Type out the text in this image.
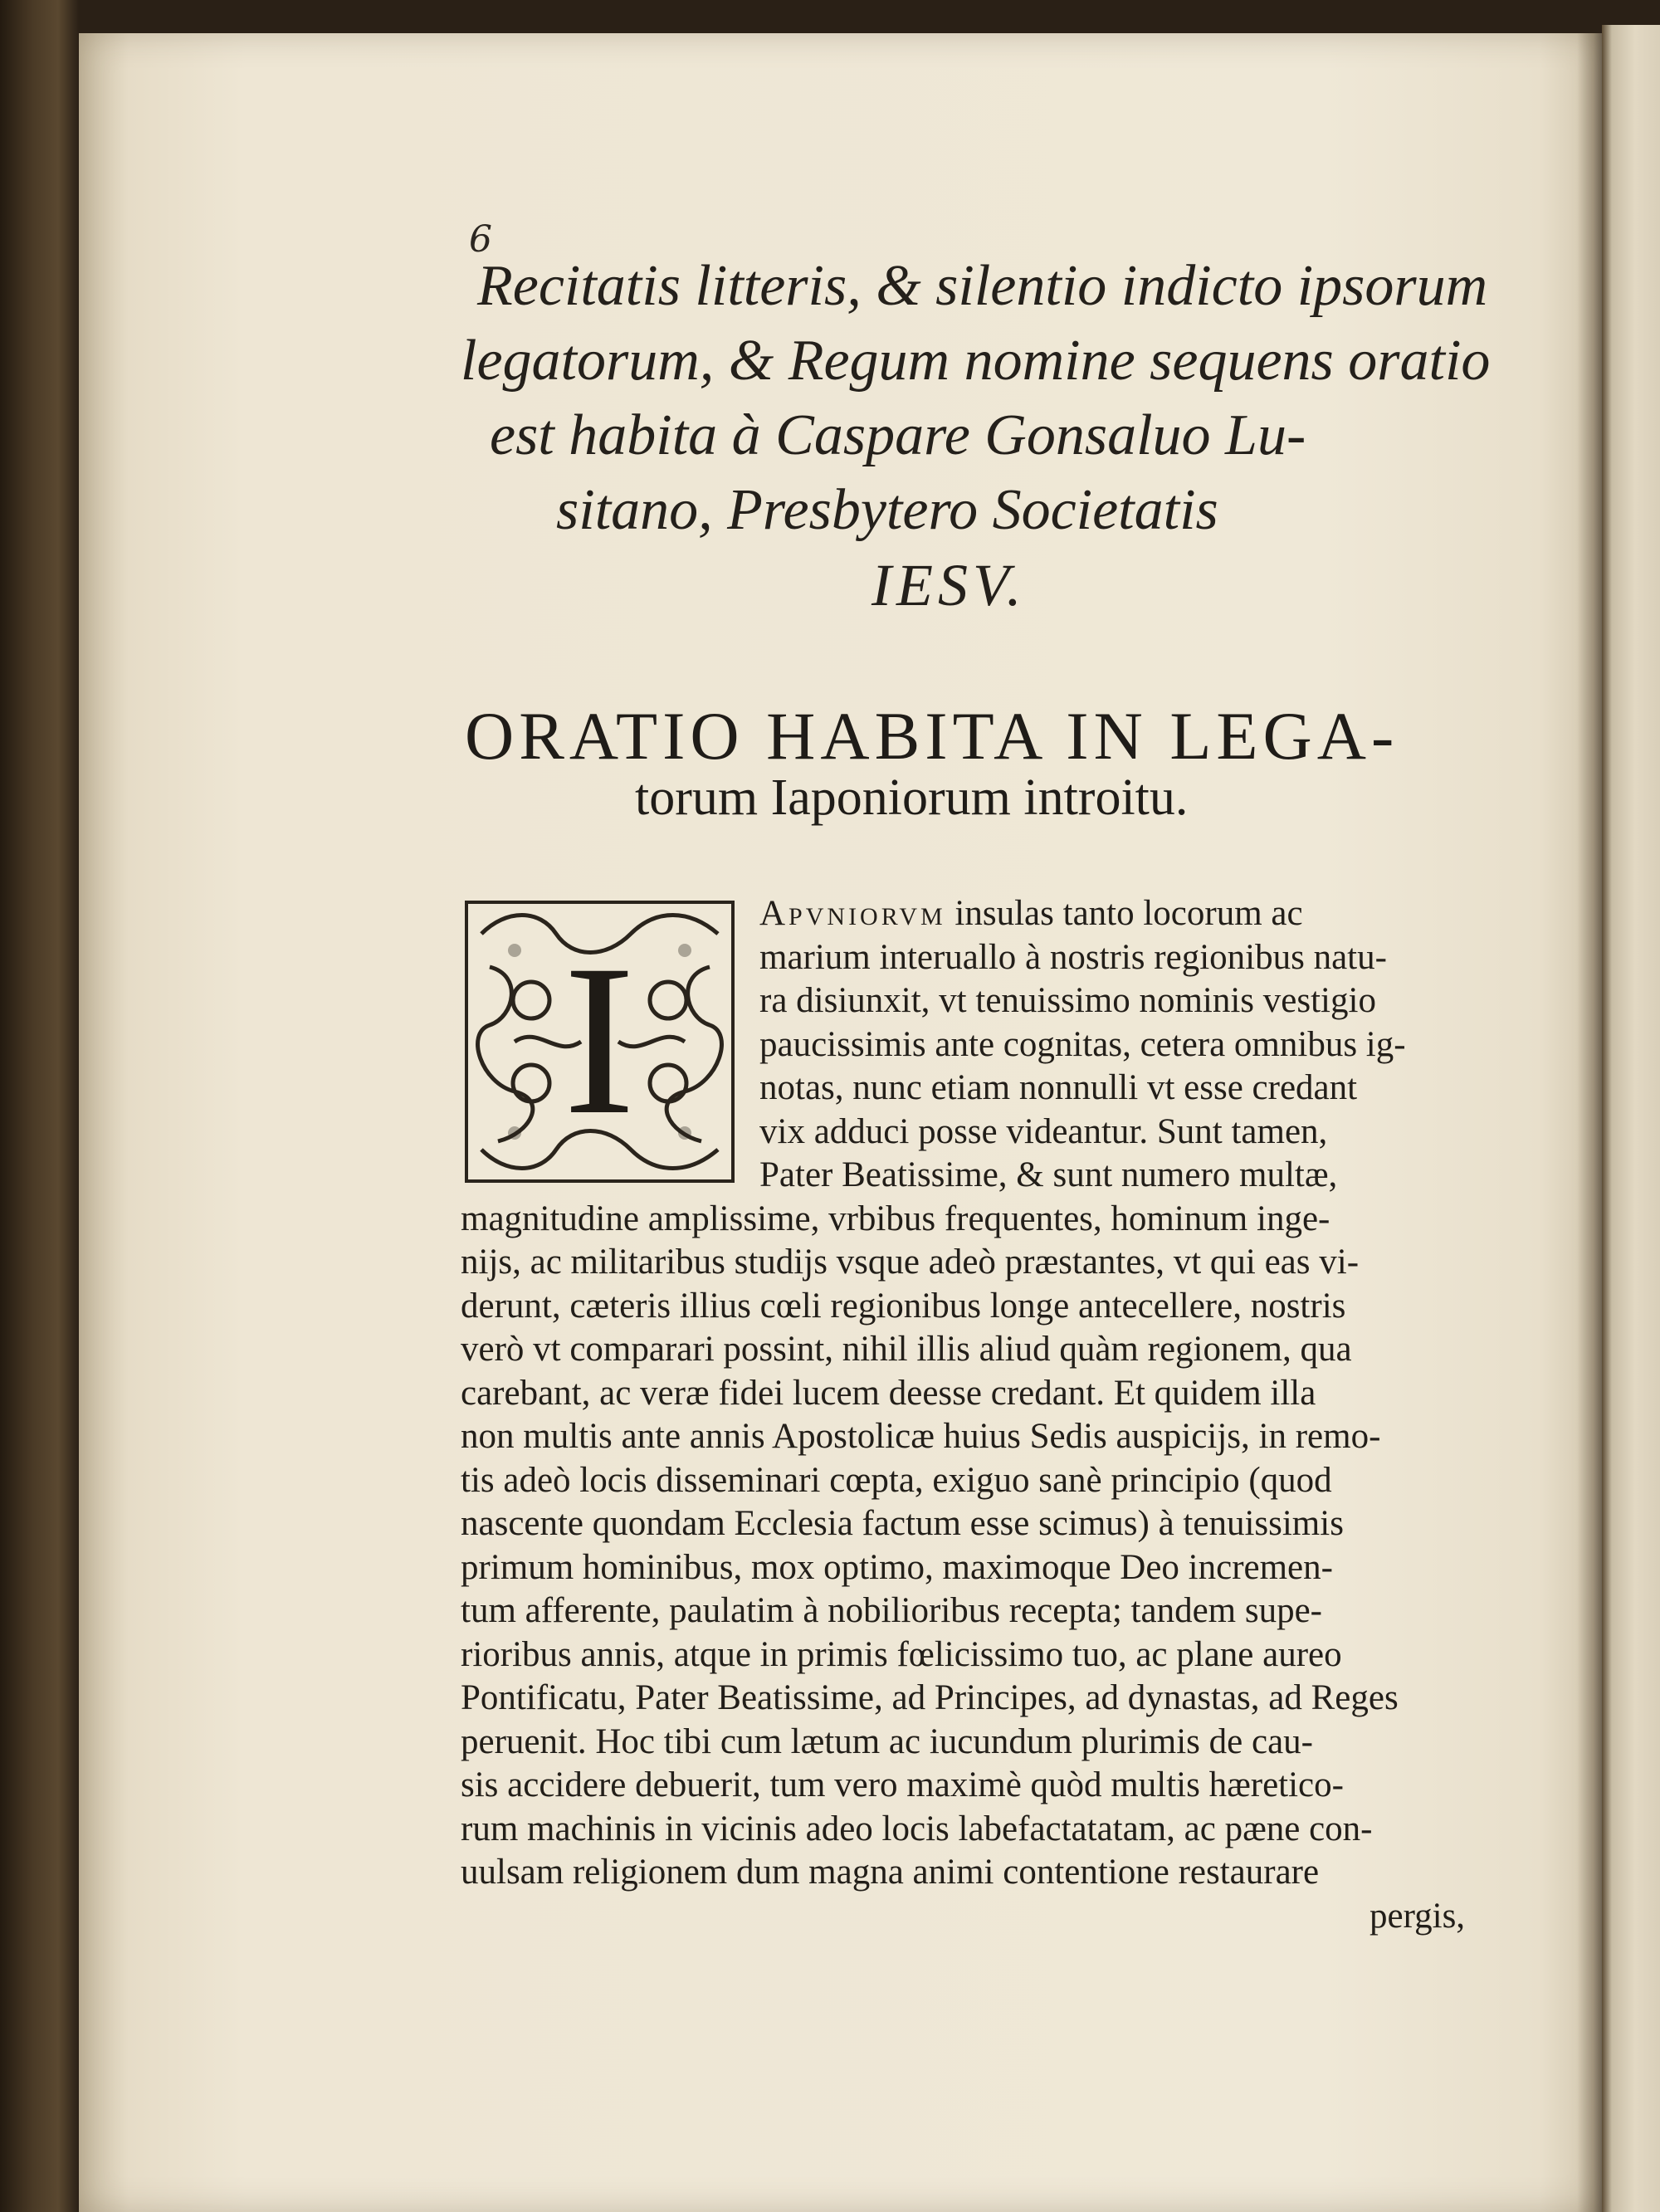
6
Recitatis litteris, & silentio indicto ipsorum
legatorum, & Regum nomine sequens oratio
est habita à Caspare Gonsaluo Lu-
sitano, Presbytero Societatis
IESV.
ORATIO HABITA IN LEGA-
torum Iaponiorum introitu.
I
Apvniorvm insulas tanto locorum ac
marium interuallo à nostris regionibus natu-
ra disiunxit, vt tenuissimo nominis vestigio
paucissimis ante cognitas, cetera omnibus ig-
notas, nunc etiam nonnulli vt esse credant
vix adduci posse videantur. Sunt tamen,
Pater Beatissime, & sunt numero multæ,
magnitudine amplissime, vrbibus frequentes, hominum inge-
nijs, ac militaribus studijs vsque adeò præstantes, vt qui eas vi-
derunt, cæteris illius cœli regionibus longe antecellere, nostris
verò vt comparari possint, nihil illis aliud quàm regionem, qua
carebant, ac veræ fidei lucem deesse credant. Et quidem illa
non multis ante annis Apostolicæ huius Sedis auspicijs, in remo-
tis adeò locis disseminari cœpta, exiguo sanè principio (quod
nascente quondam Ecclesia factum esse scimus) à tenuissimis
primum hominibus, mox optimo, maximoque Deo incremen-
tum afferente, paulatim à nobilioribus recepta; tandem supe-
rioribus annis, atque in primis fœlicissimo tuo, ac plane aureo
Pontificatu, Pater Beatissime, ad Principes, ad dynastas, ad Reges
peruenit. Hoc tibi cum lætum ac iucundum plurimis de cau-
sis accidere debuerit, tum vero maximè quòd multis hæretico-
rum machinis in vicinis adeo locis labefactatatam, ac pæne con-
uulsam religionem dum magna animi contentione restaurare
pergis,
